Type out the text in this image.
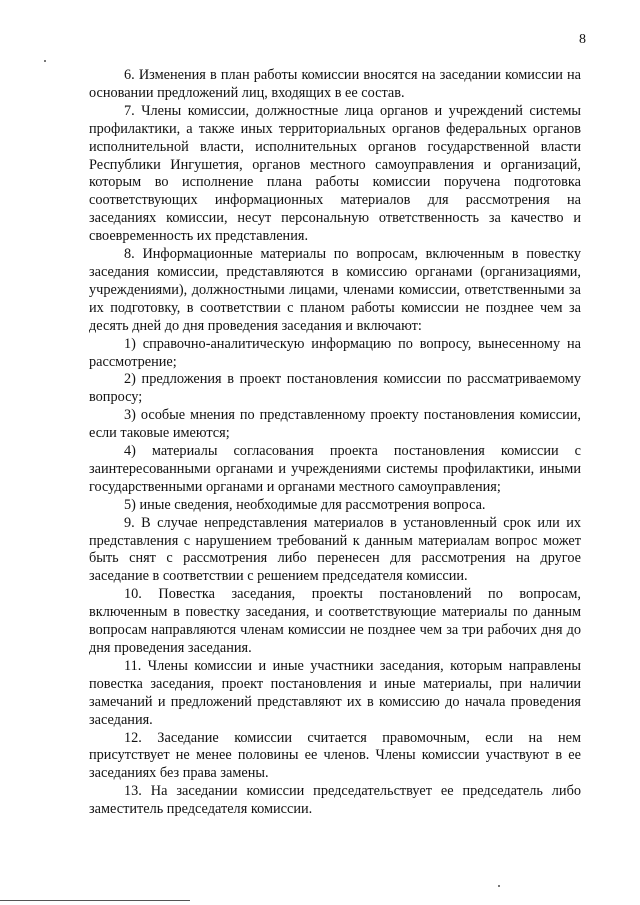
8

6. Изменения в план работы комиссии вносятся на заседании комиссии на основании предложений лиц, входящих в ее состав.

7. Члены комиссии, должностные лица органов и учреждений системы профилактики, а также иных территориальных органов федеральных органов исполнительной власти, исполнительных органов государственной власти Республики Ингушетия, органов местного самоуправления и организаций, которым во исполнение плана работы комиссии поручена подготовка соответствующих информационных материалов для рассмотрения на заседаниях комиссии, несут персональную ответственность за качество и своевременность их представления.

8. Информационные материалы по вопросам, включенным в повестку заседания комиссии, представляются в комиссию органами (организациями, учреждениями), должностными лицами, членами комиссии, ответственными за их подготовку, в соответствии с планом работы комиссии не позднее чем за десять дней до дня проведения заседания и включают:

1) справочно-аналитическую информацию по вопросу, вынесенному на рассмотрение;

2) предложения в проект постановления комиссии по рассматриваемому вопросу;

3) особые мнения по представленному проекту постановления комиссии, если таковые имеются;

4) материалы согласования проекта постановления комиссии с заинтересованными органами и учреждениями системы профилактики, иными государственными органами и органами местного самоуправления;

5) иные сведения, необходимые для рассмотрения вопроса.

9. В случае непредставления материалов в установленный срок или их представления с нарушением требований к данным материалам вопрос может быть снят с рассмотрения либо перенесен для рассмотрения на другое заседание в соответствии с решением председателя комиссии.

10. Повестка заседания, проекты постановлений по вопросам, включенным в повестку заседания, и соответствующие материалы по данным вопросам направляются членам комиссии не позднее чем за три рабочих дня до дня проведения заседания.

11. Члены комиссии и иные участники заседания, которым направлены повестка заседания, проект постановления и иные материалы, при наличии замечаний и предложений представляют их в комиссию до начала проведения заседания.

12. Заседание комиссии считается правомочным, если на нем присутствует не менее половины ее членов. Члены комиссии участвуют в ее заседаниях без права замены.

13. На заседании комиссии председательствует ее председатель либо заместитель председателя комиссии.
